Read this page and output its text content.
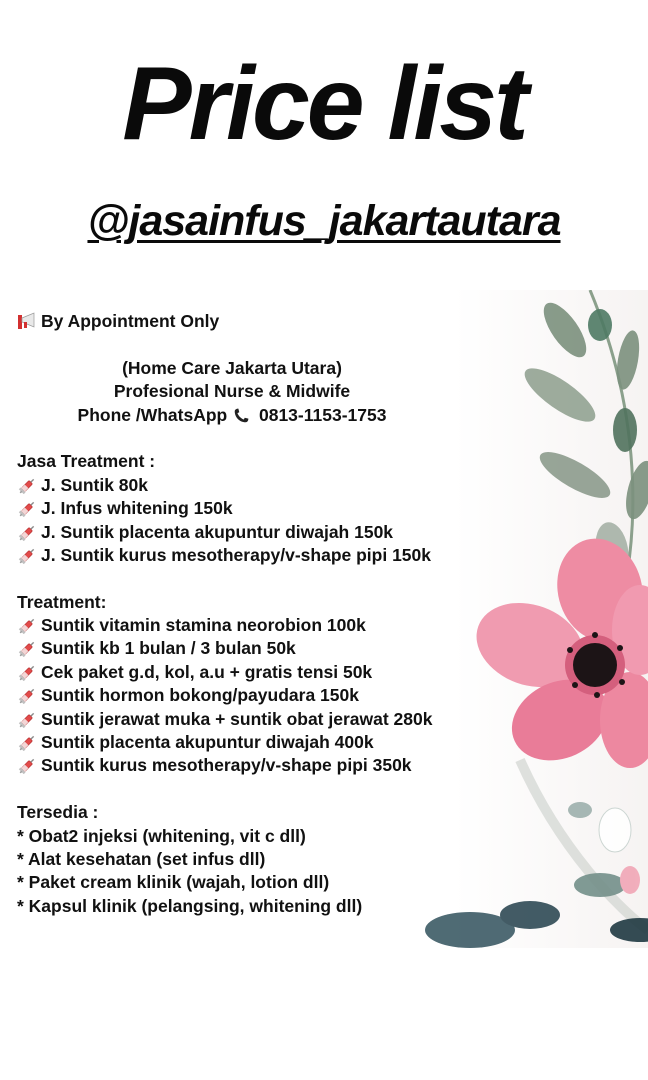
Price list
@jasainfus_jakartautara
By Appointment Only
(Home Care Jakarta Utara)
Profesional Nurse & Midwife
Phone /WhatsApp 0813-1153-1753
Jasa Treatment :
J. Suntik 80k
J. Infus whitening 150k
J. Suntik placenta akupuntur diwajah 150k
J. Suntik kurus mesotherapy/v-shape pipi 150k
Treatment:
Suntik vitamin stamina neorobion 100k
Suntik kb 1 bulan / 3 bulan 50k
Cek paket g.d, kol, a.u + gratis tensi 50k
Suntik hormon bokong/payudara 150k
Suntik jerawat muka + suntik obat jerawat 280k
Suntik placenta akupuntur diwajah 400k
Suntik kurus mesotherapy/v-shape pipi 350k
Tersedia :
* Obat2 injeksi (whitening, vit c dll)
* Alat kesehatan (set infus dll)
* Paket cream klinik (wajah, lotion dll)
* Kapsul klinik (pelangsing, whitening dll)
